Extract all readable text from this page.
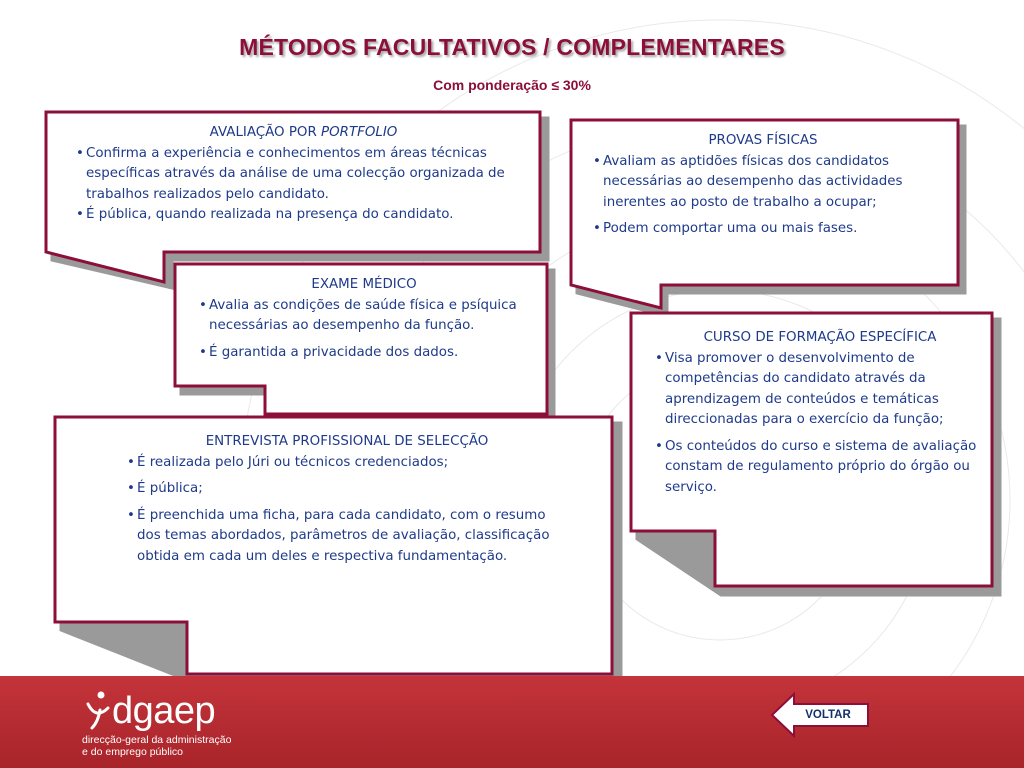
MÉTODOS FACULTATIVOS / COMPLEMENTARES
Com ponderação ≤ 30%
AVALIAÇÃO POR PORTFOLIO
• Confirma a experiência e conhecimentos em áreas técnicas específicas através da análise de uma colecção organizada de trabalhos realizados pelo candidato.
• É pública, quando realizada na presença do candidato.
PROVAS FÍSICAS
• Avaliam as aptidões físicas dos candidatos necessárias ao desempenho das actividades inerentes ao posto de trabalho a ocupar;
• Podem comportar uma ou mais fases.
EXAME MÉDICO
• Avalia as condições de saúde física e psíquica necessárias ao desempenho da função.
• É garantida a privacidade dos dados.
CURSO DE FORMAÇÃO ESPECÍFICA
• Visa promover o desenvolvimento de competências do candidato através da aprendizagem de conteúdos e temáticas direccionadas para o exercício da função;
• Os conteúdos do curso e sistema de avaliação constam de regulamento próprio do órgão ou serviço.
ENTREVISTA PROFISSIONAL DE SELECÇÃO
• É realizada pelo Júri ou técnicos credenciados;
• É pública;
• É preenchida uma ficha, para cada candidato, com o resumo dos temas abordados, parâmetros de avaliação, classificação obtida em cada um deles e respectiva fundamentação.
dgaep
direcção-geral da administração
e do emprego público
VOLTAR
